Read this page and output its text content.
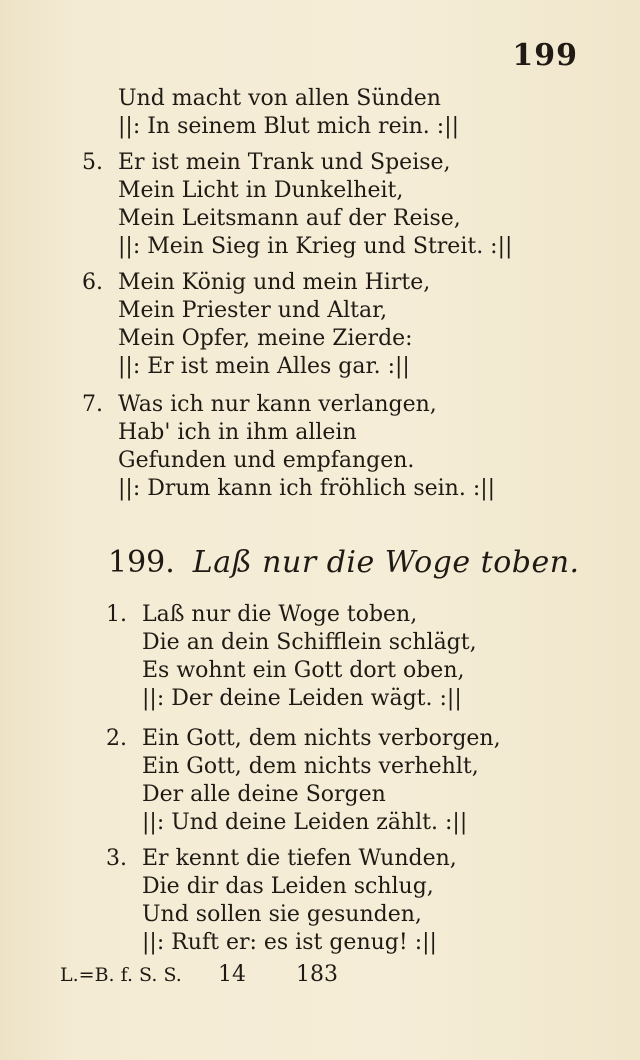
199
Und macht von allen Sünden
||: In seinem Blut mich rein. :||
5. Er ist mein Trank und Speise,
Mein Licht in Dunkelheit,
Mein Leitsmann auf der Reise,
||: Mein Sieg in Krieg und Streit. :||
6. Mein König und mein Hirte,
Mein Priester und Altar,
Mein Opfer, meine Zierde:
||: Er ist mein Alles gar. :||
7. Was ich nur kann verlangen,
Hab' ich in ihm allein
Gefunden und empfangen.
||: Drum kann ich fröhlich sein. :||
199. Laß nur die Woge toben.
1. Laß nur die Woge toben,
Die an dein Schifflein schlägt,
Es wohnt ein Gott dort oben,
||: Der deine Leiden wägt. :||
2. Ein Gott, dem nichts verborgen,
Ein Gott, dem nichts verhehlt,
Der alle deine Sorgen
||: Und deine Leiden zählt. :||
3. Er kennt die tiefen Wunden,
Die dir das Leiden schlug,
Und sollen sie gesunden,
||: Ruft er: es ist genug! :||
L.=B. f. S. S. 14 183
